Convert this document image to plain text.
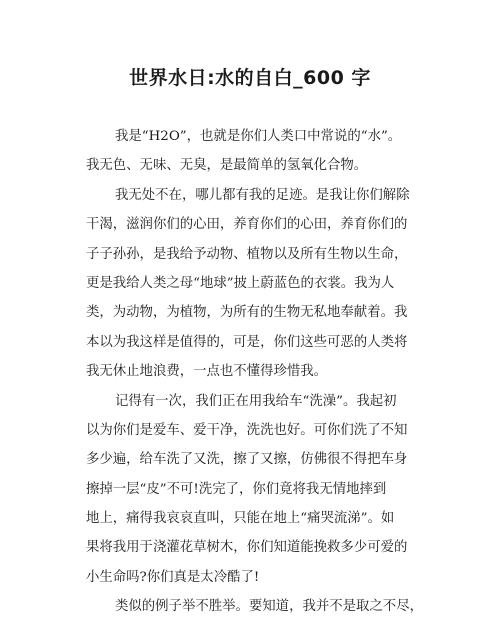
世界水日:水的自白_600 字
我是“H2O”，也就是你们人类口中常说的“水”。
我无色、无味、无臭，是最简单的氢氧化合物。
我无处不在，哪儿都有我的足迹。是我让你们解除
干渴，滋润你们的心田，养育你们的心田，养育你们的
子子孙孙，是我给予动物、植物以及所有生物以生命，
更是我给人类之母“地球”披上蔚蓝色的衣裳。我为人
类，为动物，为植物，为所有的生物无私地奉献着。我
本以为我这样是值得的，可是，你们这些可恶的人类将
我无休止地浪费，一点也不懂得珍惜我。
记得有一次，我们正在用我给车“洗澡”。我起初
以为你们是爱车、爱干净，洗洗也好。可你们洗了不知
多少遍，给车洗了又洗，擦了又擦，仿佛很不得把车身
擦掉一层“皮”不可!洗完了，你们竟将我无情地摔到
地上，痛得我哀哀直叫，只能在地上“痛哭流涕”。如
果将我用于浇灌花草树木，你们知道能挽救多少可爱的
小生命吗?你们真是太冷酷了!
类似的例子举不胜举。要知道，我并不是取之不尽，
